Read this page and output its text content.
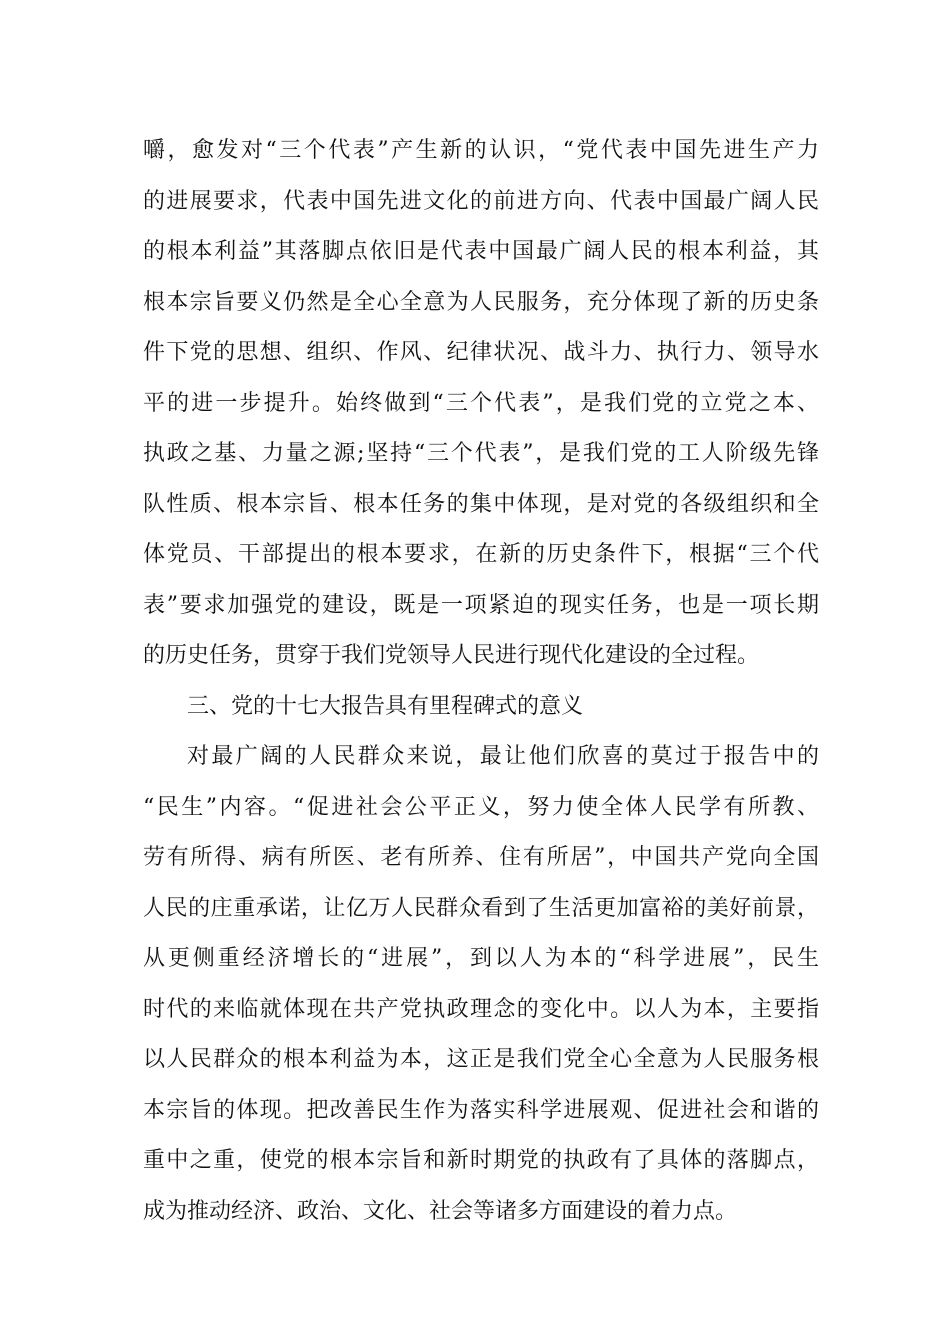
嚼，愈发对“三个代表”产生新的认识，“党代表中国先进生产力
的进展要求，代表中国先进文化的前进方向、代表中国最广阔人民
的根本利益”其落脚点依旧是代表中国最广阔人民的根本利益，其
根本宗旨要义仍然是全心全意为人民服务，充分体现了新的历史条
件下党的思想、组织、作风、纪律状况、战斗力、执行力、领导水
平的进一步提升。始终做到“三个代表”，是我们党的立党之本、
执政之基、力量之源;坚持“三个代表”，是我们党的工人阶级先锋
队性质、根本宗旨、根本任务的集中体现，是对党的各级组织和全
体党员、干部提出的根本要求，在新的历史条件下，根据“三个代
表”要求加强党的建设，既是一项紧迫的现实任务，也是一项长期
的历史任务，贯穿于我们党领导人民进行现代化建设的全过程。
三、党的十七大报告具有里程碑式的意义
对最广阔的人民群众来说，最让他们欣喜的莫过于报告中的
“民生”内容。“促进社会公平正义，努力使全体人民学有所教、
劳有所得、病有所医、老有所养、住有所居”，中国共产党向全国
人民的庄重承诺，让亿万人民群众看到了生活更加富裕的美好前景，
从更侧重经济增长的“进展”，到以人为本的“科学进展”，民生
时代的来临就体现在共产党执政理念的变化中。以人为本，主要指
以人民群众的根本利益为本，这正是我们党全心全意为人民服务根
本宗旨的体现。把改善民生作为落实科学进展观、促进社会和谐的
重中之重，使党的根本宗旨和新时期党的执政有了具体的落脚点，
成为推动经济、政治、文化、社会等诸多方面建设的着力点。
